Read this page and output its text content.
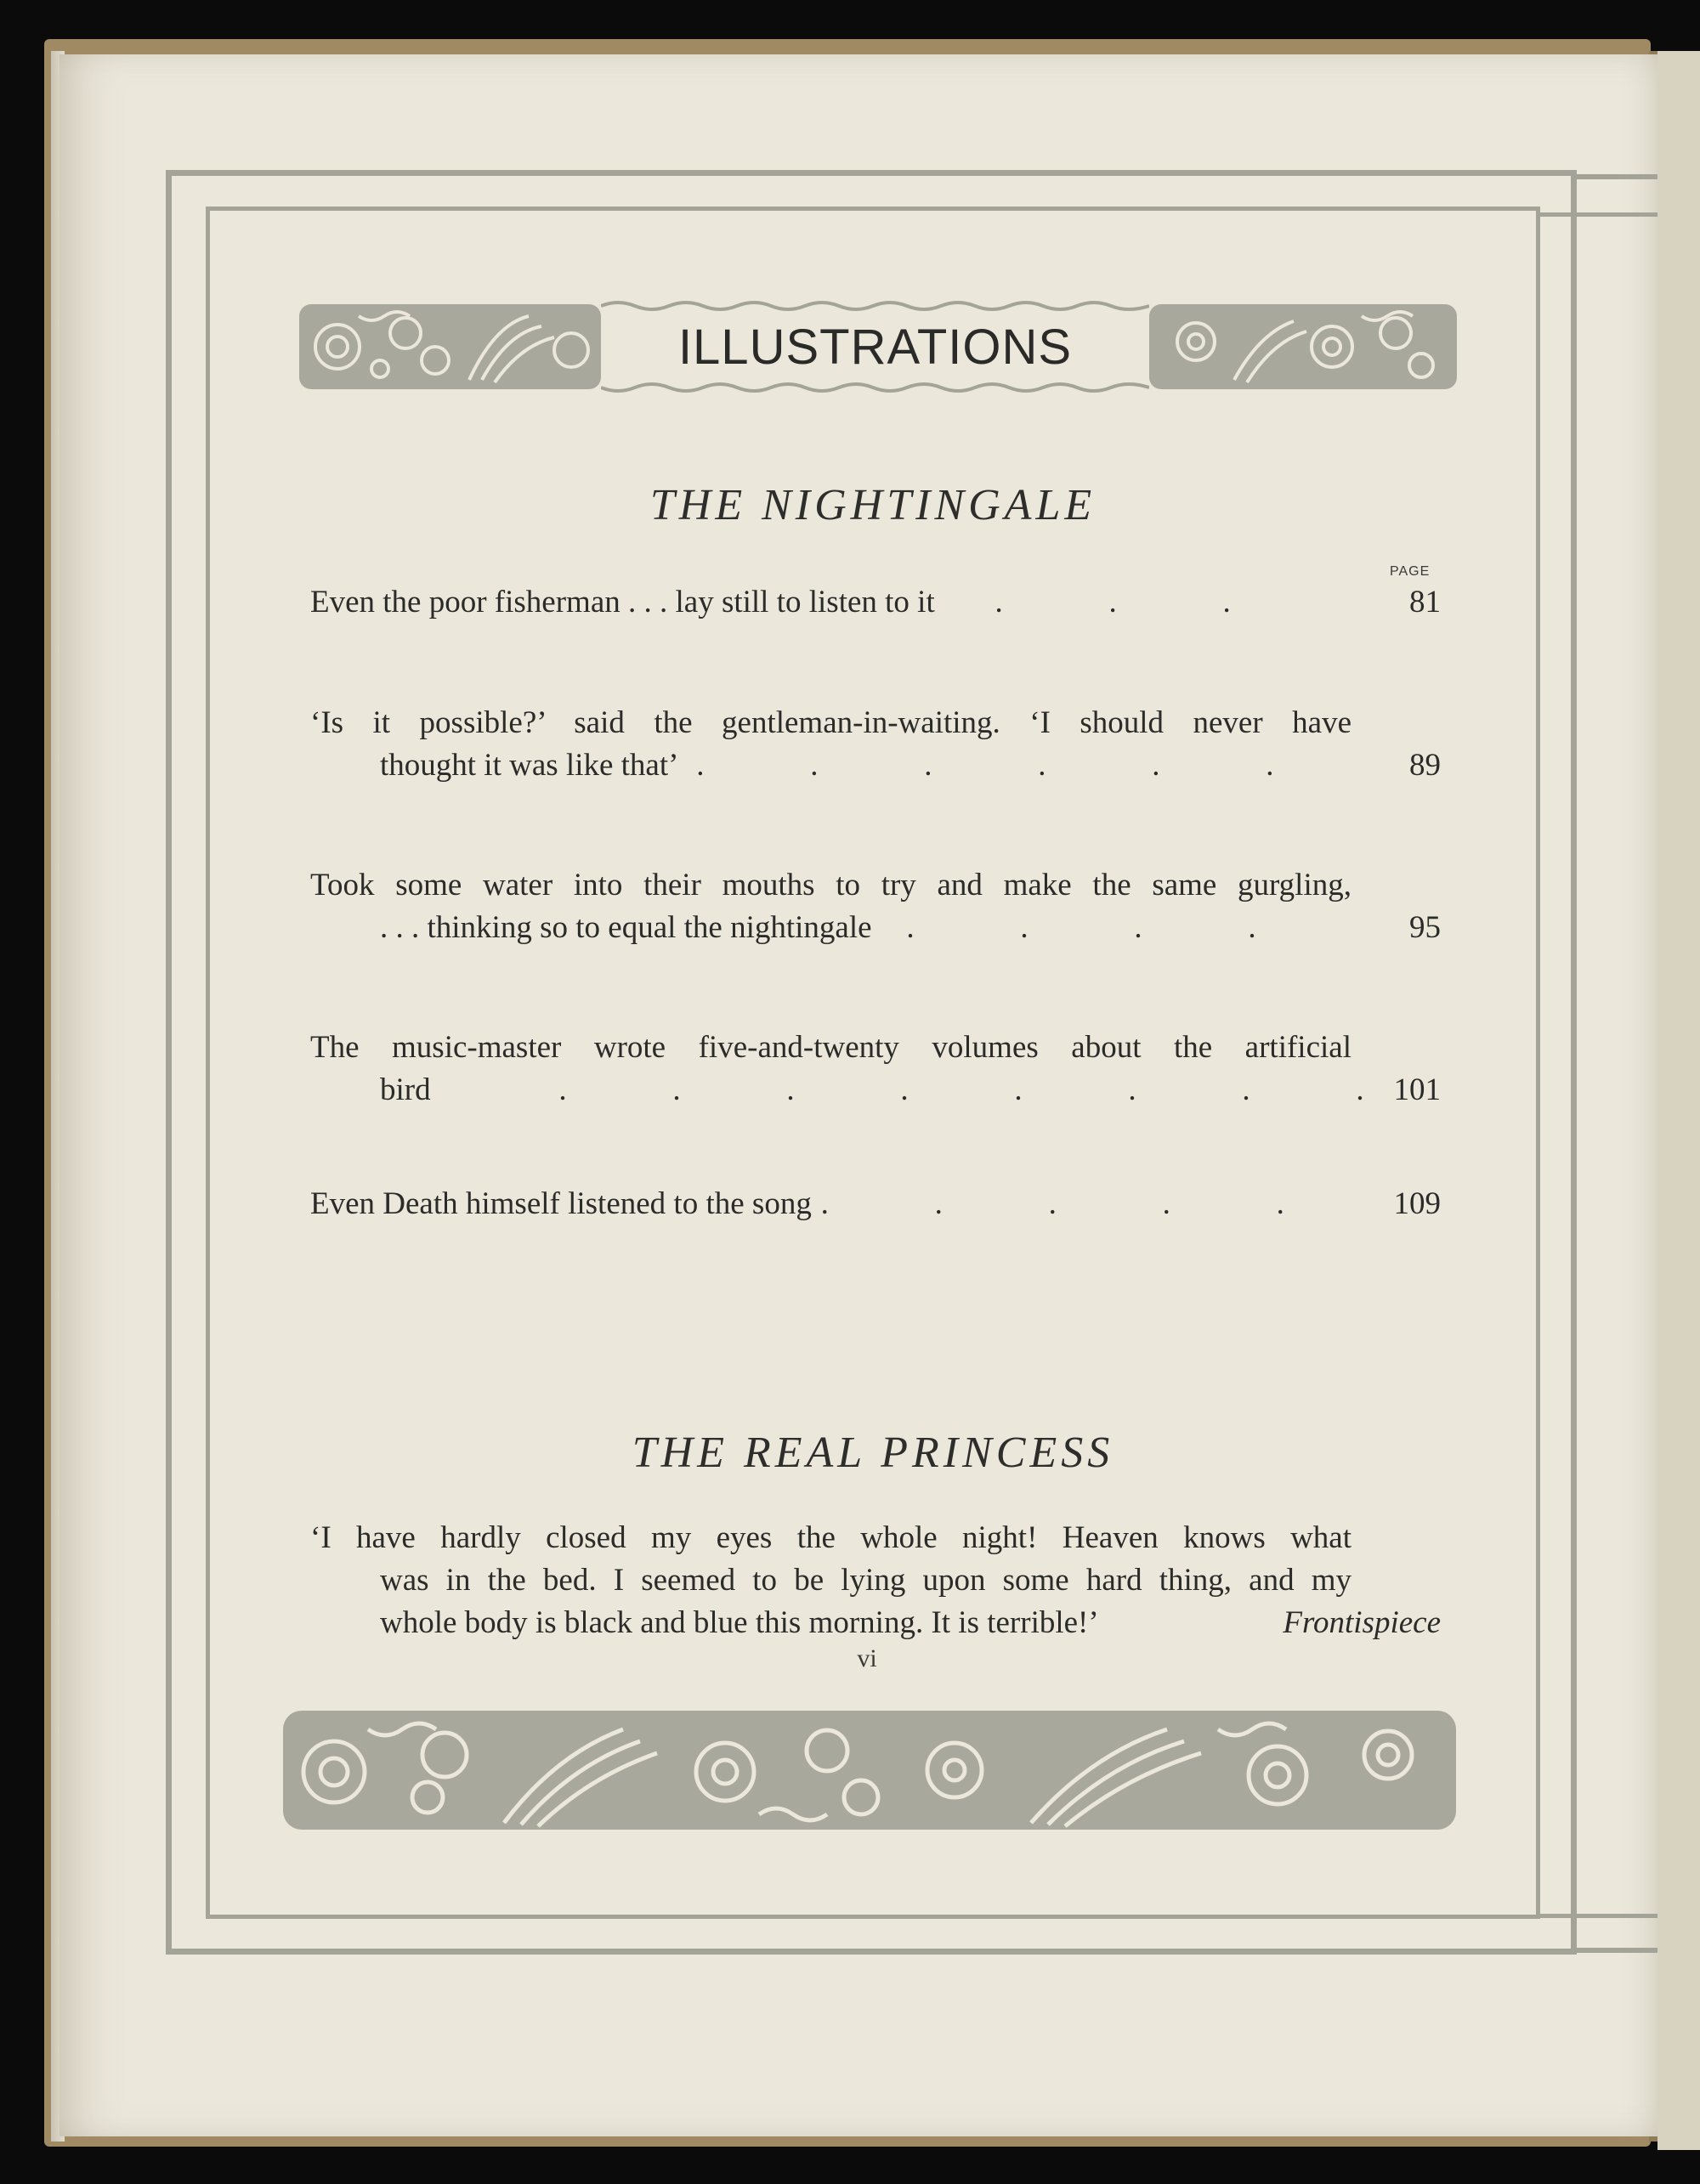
ILLUSTRATIONS
THE NIGHTINGALE
PAGE
Even the poor fisherman . . . lay still to listen to it .	.	.	81
‘Is it possible?’ said the gentleman-in-waiting. ‘I should never have
thought it was like that’ .	.	.	.	.	.	89
Took some water into their mouths to try and make the same gurgling,
. . . thinking so to equal the nightingale .	.	.	.	95
The music-master wrote five-and-twenty volumes about the artificial
bird	.	.	.	.	.	.	.	. 101
Even Death himself listened to the song .	.	.	.	.	109
THE REAL PRINCESS
‘I have hardly closed my eyes the whole night! Heaven knows what
was in the bed. I seemed to be lying upon some hard thing, and my
whole body is black and blue this morning. It is terrible!’	Frontispiece
vi
